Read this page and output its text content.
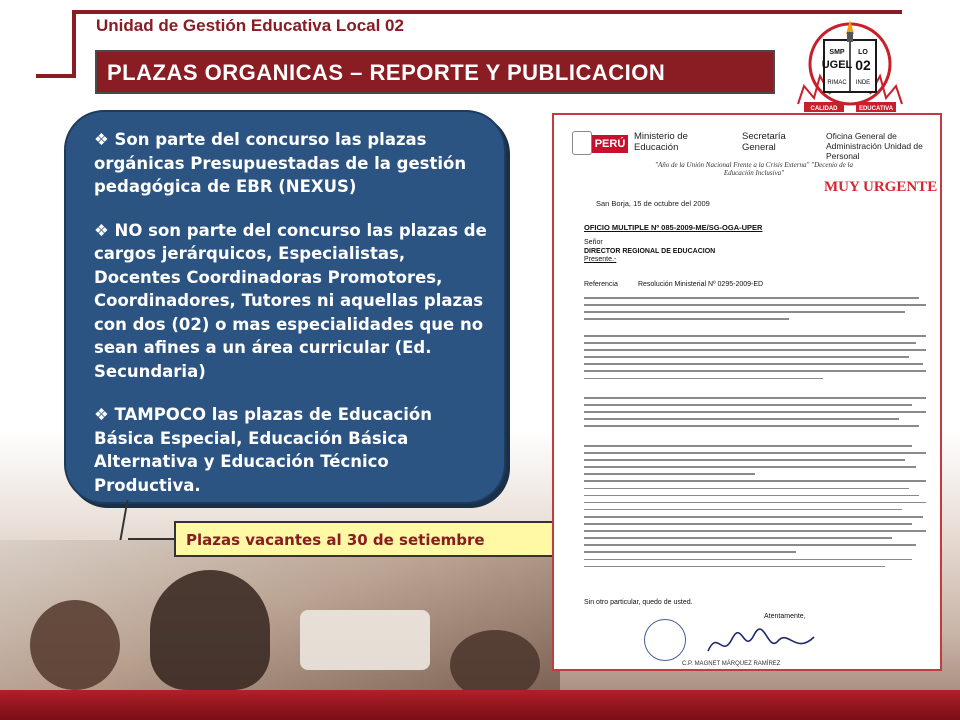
Unidad de Gestión Educativa Local 02
PLAZAS ORGANICAS – REPORTE Y PUBLICACION
SMP LO
UGEL 02
RIMAC INDE
CALIDAD	EDUCATIVA

❖ Son parte del concurso las plazas orgánicas Presupuestadas de la gestión pedagógica de EBR (NEXUS)

❖ NO son parte del concurso las plazas de cargos jerárquicos, Especialistas, Docentes Coordinadoras Promotores, Coordinadores, Tutores ni aquellas plazas con dos (02) o mas especialidades que no sean afines a un área curricular (Ed. Secundaria)

❖ TAMPOCO las plazas de Educación Básica Especial, Educación Básica Alternativa y Educación Técnico Productiva.

Plazas vacantes al 30 de setiembre
PERÚ
Ministerio de Educación
Secretaría General
Oficina General de Administración Unidad de Personal
"Año de la Unión Nacional Frente a la Crisis Externa" "Decenio de la Educación Inclusiva"
MUY URGENTE
San Borja, 15 de octubre del 2009
OFICIO MULTIPLE Nº 085-2009-ME/SG-OGA-UPER
Señor
DIRECTOR REGIONAL DE EDUCACION
Presente.-
Referencia	Resolución Ministerial Nº 0295-2009-ED
Sin otro particular, quedo de usted.
Atentamente,
C.P. MAGNET MÁRQUEZ RAMÍREZ
